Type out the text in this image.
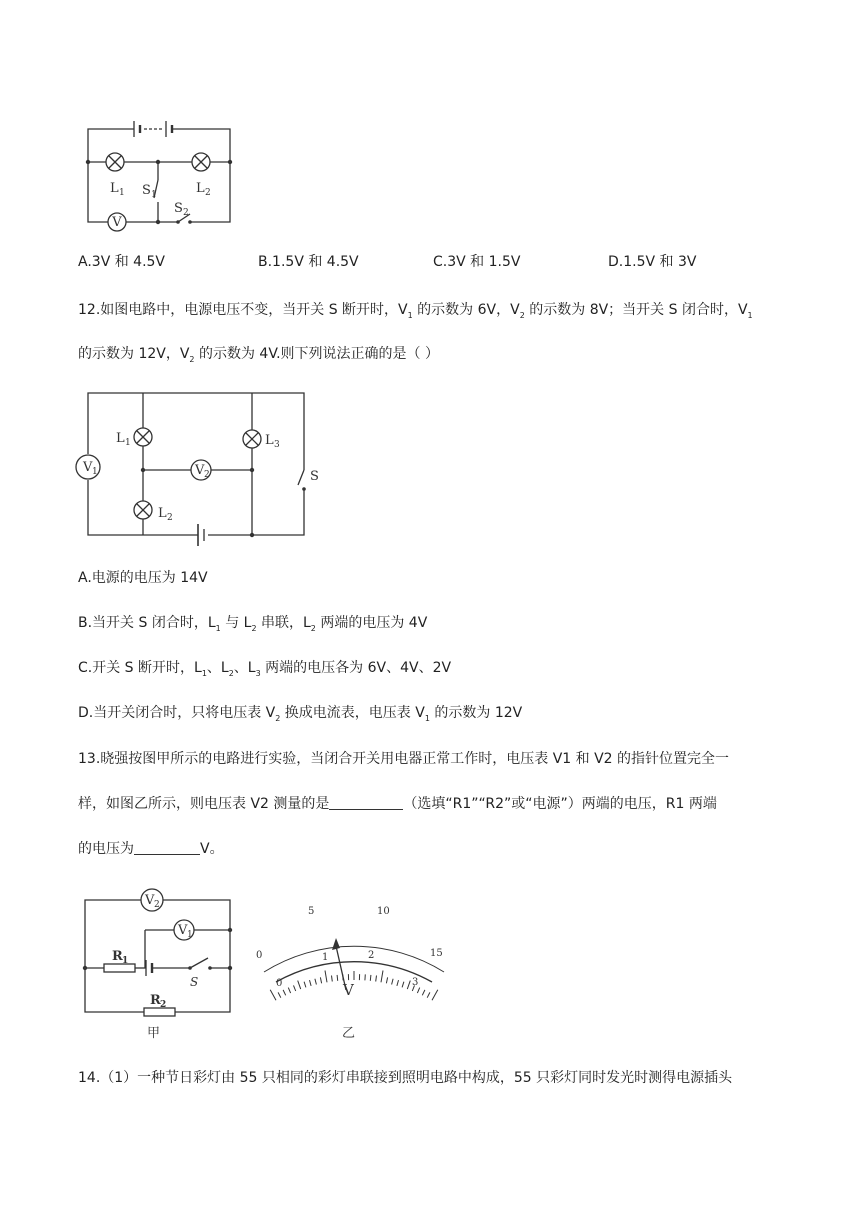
V
L 1	L 2
S 1
S 2
A.3V 和 4.5V	B.1.5V 和 4.5V	C.3V 和 1.5V	D.1.5V 和 3V
12.如图电路中，电源电压不变，当开关 S 断开时，$V_1$ 的示数为 6V，$V_2$ 的示数为 8V；当开关 S 闭合时，$V_1$
的示数为 12V，$V_2$ 的示数为 4V.则下列说法正确的是（ ）
V 1	V 2
L 1
L 2
L 3
S
A.电源的电压为 14V
B.当开关 S 闭合时，$L_1$ 与 $L_2$ 串联，$L_2$ 两端的电压为 4V
C.开关 S 断开时，$L_1$、$L_2$、$L_3$ 两端的电压各为 6V、4V、2V
D.当开关闭合时，只将电压表 $V_2$ 换成电流表，电压表 $V_1$ 的示数为 12V
13.晓强按图甲所示的电路进行实验，当闭合开关用电器正常工作时，电压表 V1 和 V2 的指针位置完全一
样，如图乙所示，则电压表 V2 测量的是	（选填“R1”“R2”或“电源”）两端的电压，R1 两端
的电压为	V。
V 2
V 1
R 1
R 2
S
甲
0
5	10
15
0
1	2
3
V
乙
14.（1）一种节日彩灯由 55 只相同的彩灯串联接到照明电路中构成，55 只彩灯同时发光时测得电源插头
